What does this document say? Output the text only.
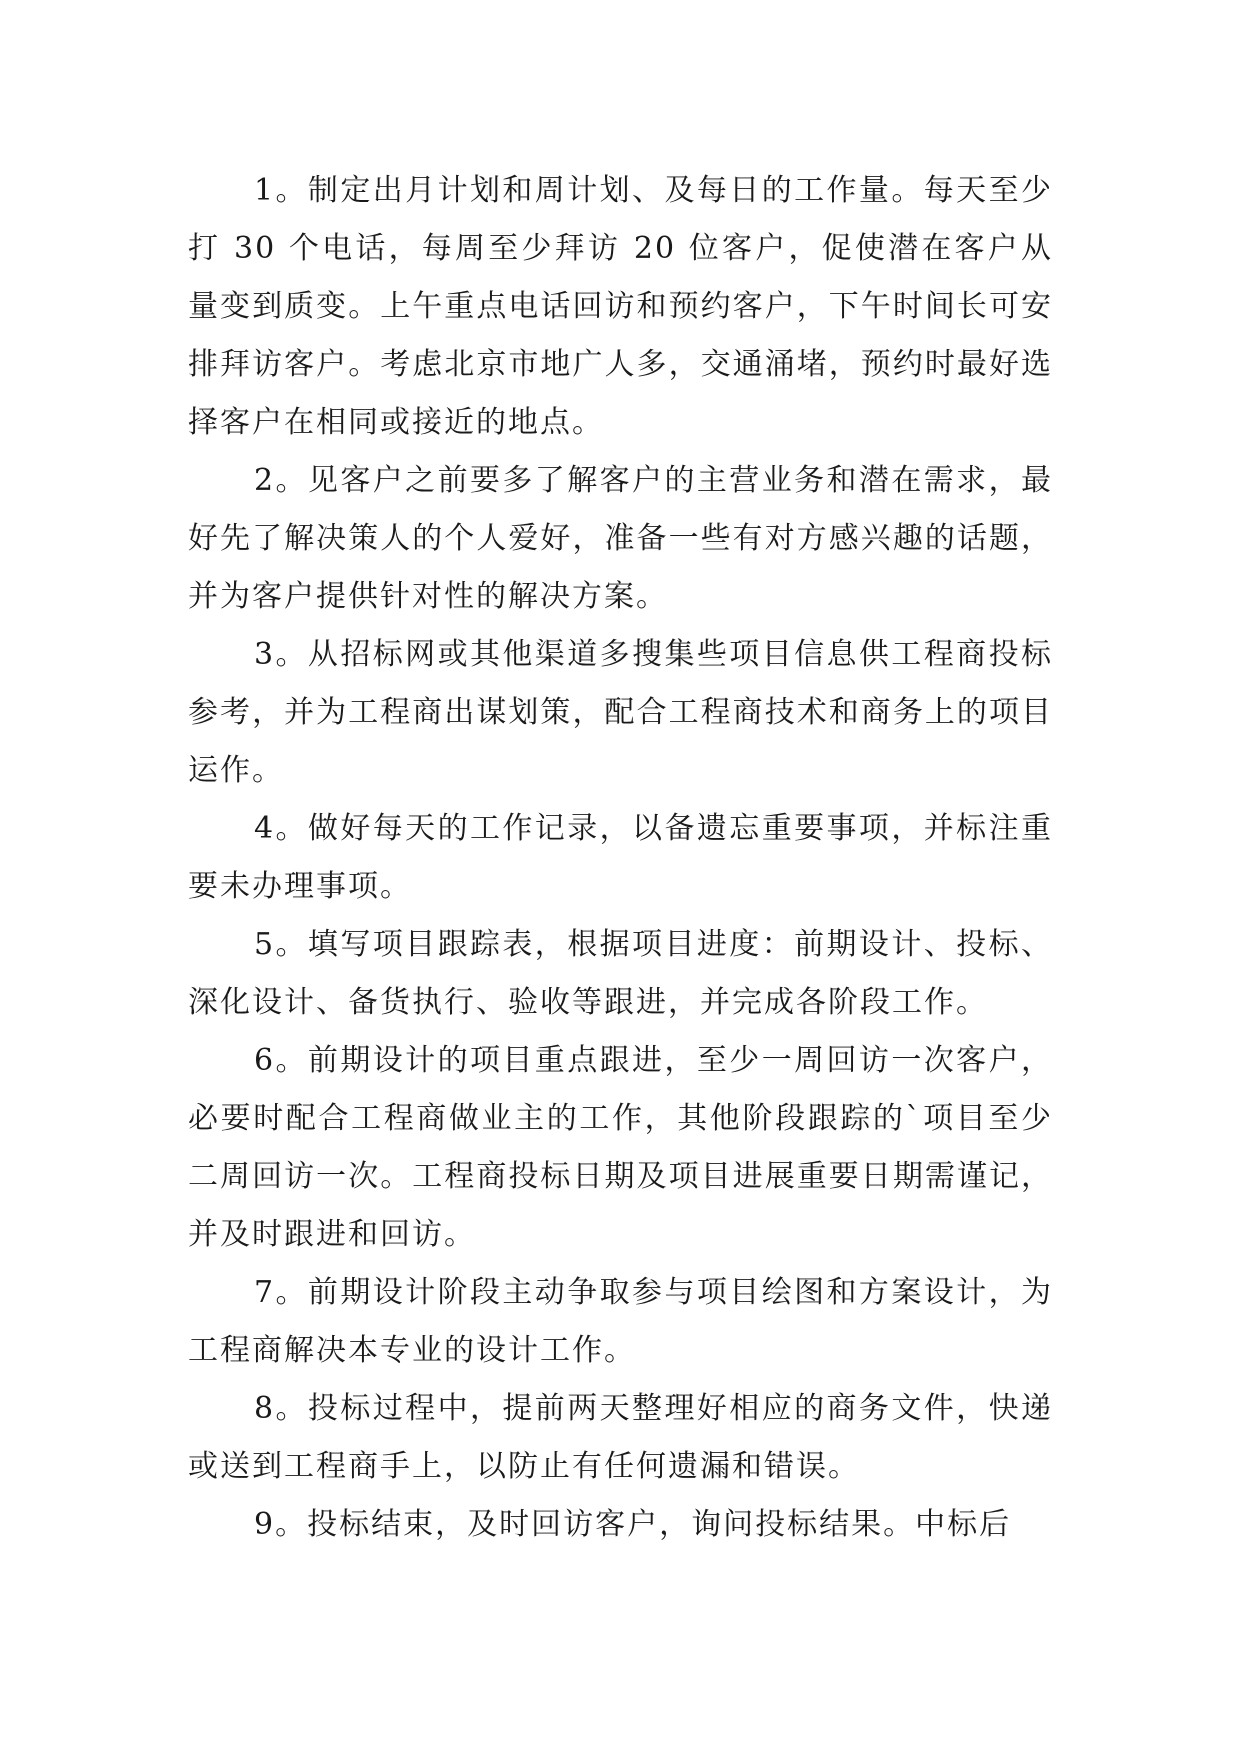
1。制定出月计划和周计划、及每日的工作量。每天至少打 30 个电话，每周至少拜访 20 位客户，促使潜在客户从量变到质变。上午重点电话回访和预约客户，下午时间长可安排拜访客户。考虑北京市地广人多，交通涌堵，预约时最好选择客户在相同或接近的地点。

2。见客户之前要多了解客户的主营业务和潜在需求，最好先了解决策人的个人爱好，准备一些有对方感兴趣的话题，并为客户提供针对性的解决方案。

3。从招标网或其他渠道多搜集些项目信息供工程商投标参考，并为工程商出谋划策，配合工程商技术和商务上的项目运作。

4。做好每天的工作记录，以备遗忘重要事项，并标注重要未办理事项。

5。填写项目跟踪表，根据项目进度：前期设计、投标、深化设计、备货执行、验收等跟进，并完成各阶段工作。

6。前期设计的项目重点跟进，至少一周回访一次客户，必要时配合工程商做业主的工作，其他阶段跟踪的`项目至少二周回访一次。工程商投标日期及项目进展重要日期需谨记，并及时跟进和回访。

7。前期设计阶段主动争取参与项目绘图和方案设计，为工程商解决本专业的设计工作。

8。投标过程中，提前两天整理好相应的商务文件，快递或送到工程商手上，以防止有任何遗漏和错误。

9。投标结束，及时回访客户，询问投标结果。中标后
